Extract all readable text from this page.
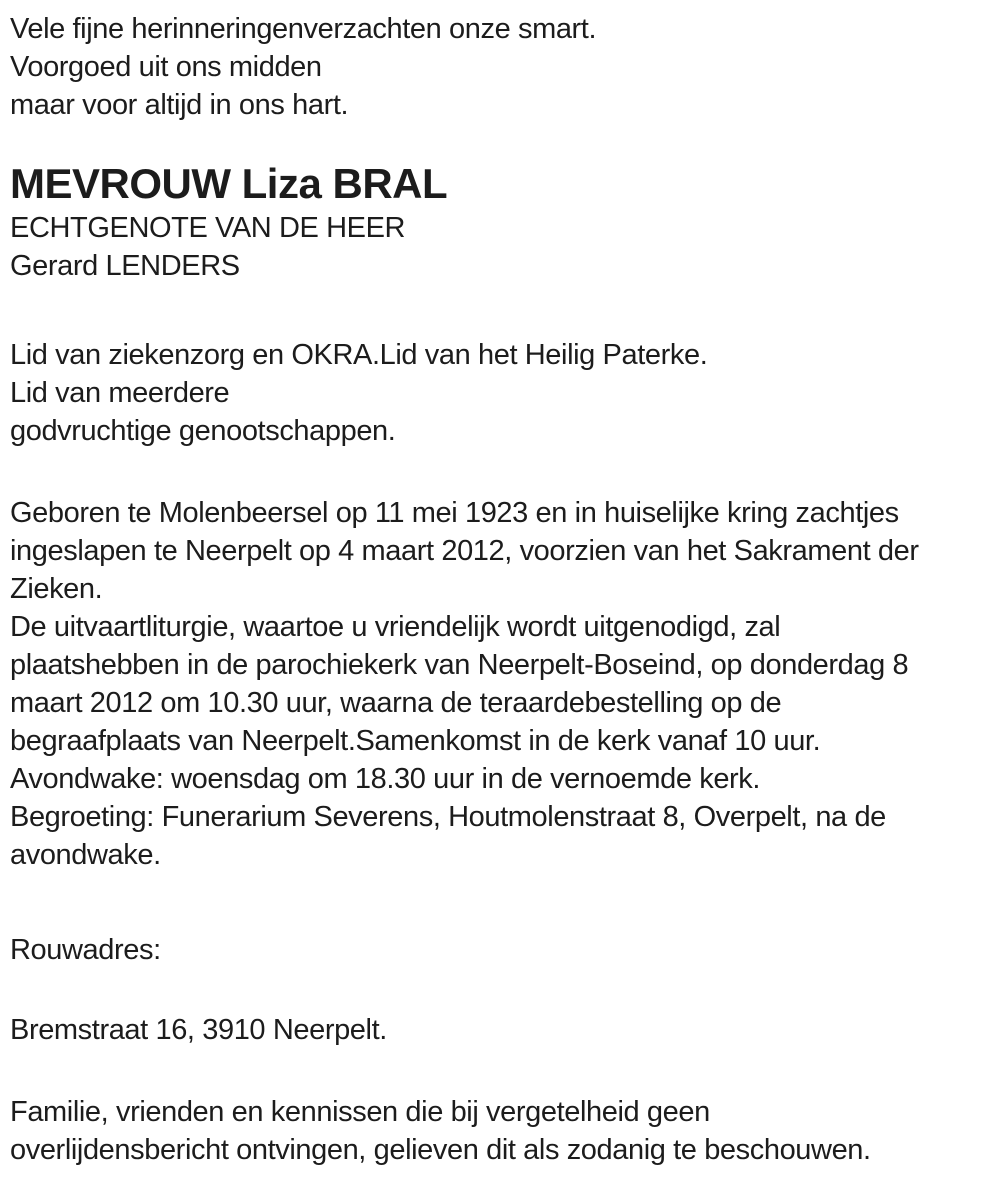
Vele fijne herinneringenverzachten onze smart.
Voorgoed uit ons midden
maar voor altijd in ons hart.
MEVROUW Liza BRAL
ECHTGENOTE VAN DE HEER
Gerard LENDERS
Lid van ziekenzorg en OKRA.Lid van het Heilig Paterke.
Lid van meerdere
godvruchtige genootschappen.
Geboren te Molenbeersel op 11 mei 1923 en in huiselijke kring zachtjes
ingeslapen te Neerpelt op 4 maart 2012, voorzien van het Sakrament der
Zieken.
De uitvaartliturgie, waartoe u vriendelijk wordt uitgenodigd, zal
plaatshebben in de parochiekerk van Neerpelt-Boseind, op donderdag 8
maart 2012 om 10.30 uur, waarna de teraardebestelling op de
begraafplaats van Neerpelt.Samenkomst in de kerk vanaf 10 uur.
Avondwake: woensdag om 18.30 uur in de vernoemde kerk.
Begroeting: Funerarium Severens, Houtmolenstraat 8, Overpelt, na de
avondwake.
Rouwadres:
Bremstraat 16, 3910 Neerpelt.
Familie, vrienden en kennissen die bij vergetelheid geen
overlijdensbericht ontvingen, gelieven dit als zodanig te beschouwen.
